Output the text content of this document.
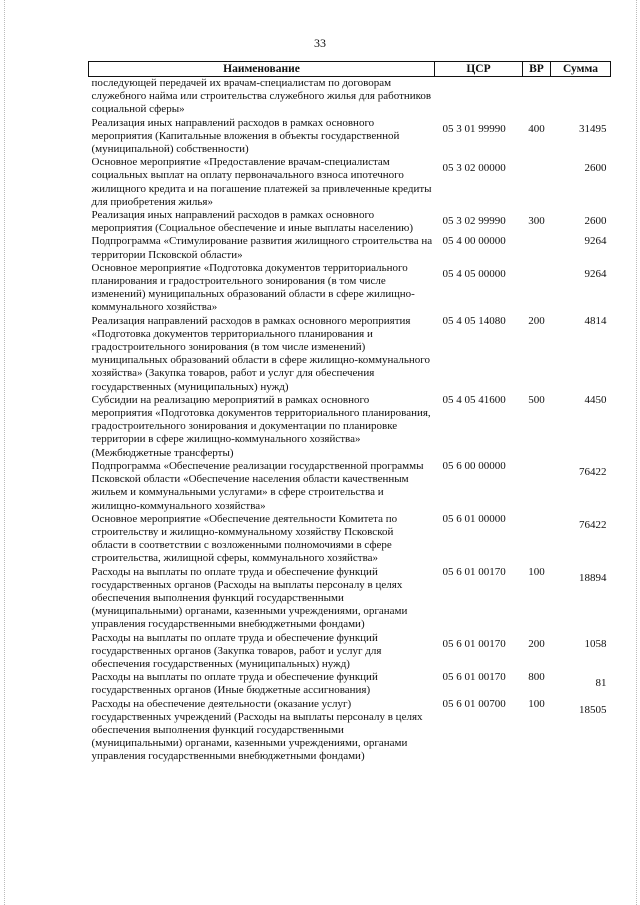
33
Наименование	ЦСР	ВР	Сумма
последующей передачей их врачам-специалистам по договорам служебного найма или строительства служебного жилья для работников социальной сферы»			
Реализация иных направлений расходов в рамках основного мероприятия (Капитальные вложения в объекты государственной (муниципальной) собственности)	05 3 01 99990	400	31495
Основное мероприятие «Предоставление врачам-специалистам социальных выплат на оплату первоначального взноса ипотечного жилищного кредита и на погашение платежей за привлеченные кредиты для приобретения жилья»	05 3 02 00000		2600
Реализация иных направлений расходов в рамках основного мероприятия (Социальное обеспечение и иные выплаты населению)	05 3 02 99990	300	2600
Подпрограмма «Стимулирование развития жилищного строительства на территории Псковской области»	05 4 00 00000		9264
Основное мероприятие «Подготовка документов территориального планирования и градостроительного зонирования (в том числе изменений) муниципальных образований области в сфере жилищно-коммунального хозяйства»	05 4 05 00000		9264
Реализация направлений расходов в рамках основного мероприятия «Подготовка документов территориального планирования и градостроительного зонирования (в том числе изменений) муниципальных образований области в сфере жилищно-коммунального хозяйства» (Закупка товаров, работ и услуг для обеспечения государственных (муниципальных) нужд)	05 4 05 14080	200	4814
Субсидии на реализацию мероприятий в рамках основного мероприятия «Подготовка документов территориального планирования, градостроительного зонирования и документации по планировке территории в сфере жилищно-коммунального хозяйства» (Межбюджетные трансферты)	05 4 05 41600	500	4450
Подпрограмма «Обеспечение реализации государственной программы Псковской области «Обеспечение населения области качественным жильем и коммунальными услугами» в сфере строительства и жилищно-коммунального хозяйства»	05 6 00 00000		76422
Основное мероприятие «Обеспечение деятельности Комитета по строительству и жилищно-коммунальному хозяйству Псковской области в соответствии с возложенными полномочиями в сфере строительства, жилищной сферы, коммунального хозяйства»	05 6 01 00000		76422
Расходы на выплаты по оплате труда и обеспечение функций государственных органов (Расходы на выплаты персоналу в целях обеспечения выполнения функций государственными (муниципальными) органами, казенными учреждениями, органами управления государственными внебюджетными фондами)	05 6 01 00170	100	18894
Расходы на выплаты по оплате труда и обеспечение функций государственных органов (Закупка товаров, работ и услуг для обеспечения государственных (муниципальных) нужд)	05 6 01 00170	200	1058
Расходы на выплаты по оплате труда и обеспечение функций государственных органов (Иные бюджетные ассигнования)	05 6 01 00170	800	81
Расходы на обеспечение деятельности (оказание услуг) государственных учреждений (Расходы на выплаты персоналу в целях обеспечения выполнения функций государственными (муниципальными) органами, казенными учреждениями, органами управления государственными внебюджетными фондами)	05 6 01 00700	100	18505
